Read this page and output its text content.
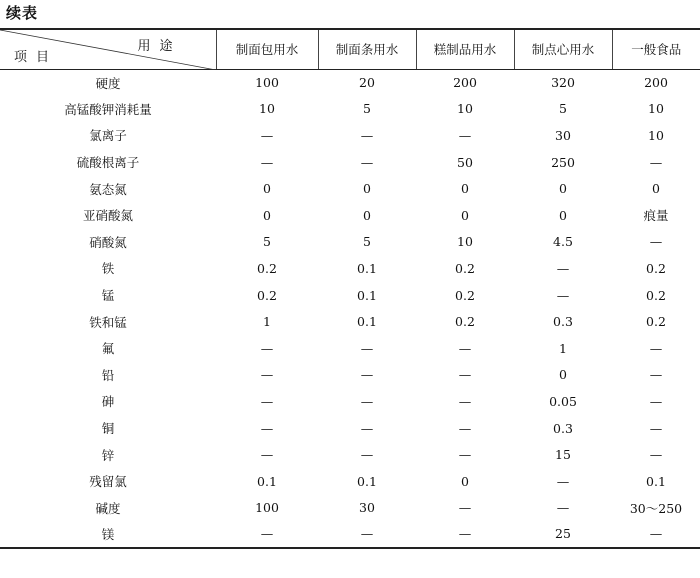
续表
用途
项目	制面包用水	制面条用水	糕制品用水	制点心用水	一般食品
硬度	100	20	200	320	200
高锰酸钾消耗量	10	5	10	5	10
氯离子	—	—	—	30	10
硫酸根离子	—	—	50	250	—
氨态氮	0	0	0	0	0
亚硝酸氮	0	0	0	0	痕量
硝酸氮	5	5	10	4.5	—
铁	0.2	0.1	0.2	—	0.2
锰	0.2	0.1	0.2	—	0.2
铁和锰	1	0.1	0.2	0.3	0.2
氟	—	—	—	1	—
铅	—	—	—	0	—
砷	—	—	—	0.05	—
铜	—	—	—	0.3	—
锌	—	—	—	15	—
残留氯	0.1	0.1	0	—	0.1
碱度	100	30	—	—	30～250
镁	—	—	—	25	—
